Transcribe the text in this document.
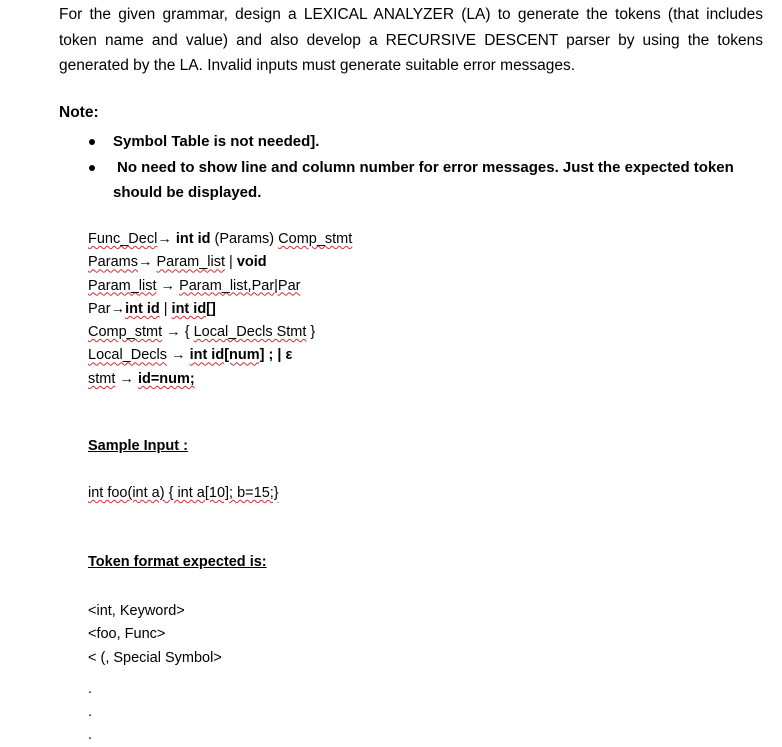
For the given grammar, design a LEXICAL ANALYZER (LA) to generate the tokens (that includes token name and value) and also develop a RECURSIVE DESCENT parser by using the tokens generated by the LA. Invalid inputs must generate suitable error messages.

Note:

Symbol Table is not needed].
No need to show line and column number for error messages. Just the expected token should be displayed.
Func_Decl→ int id (Params) Comp_stmt
Params→ Param_list | void
Param_list → Param_list,Par|Par
Par→int id | int id[]
Comp_stmt → { Local_Decls Stmt }
Local_Decls → int id[num] ; | ε
stmt → id=num;

Sample Input :

int foo(int a) { int a[10]; b=15;}

Token format expected is:

<int, Keyword>
<foo, Func>
< (, Special Symbol>
.
.
.
